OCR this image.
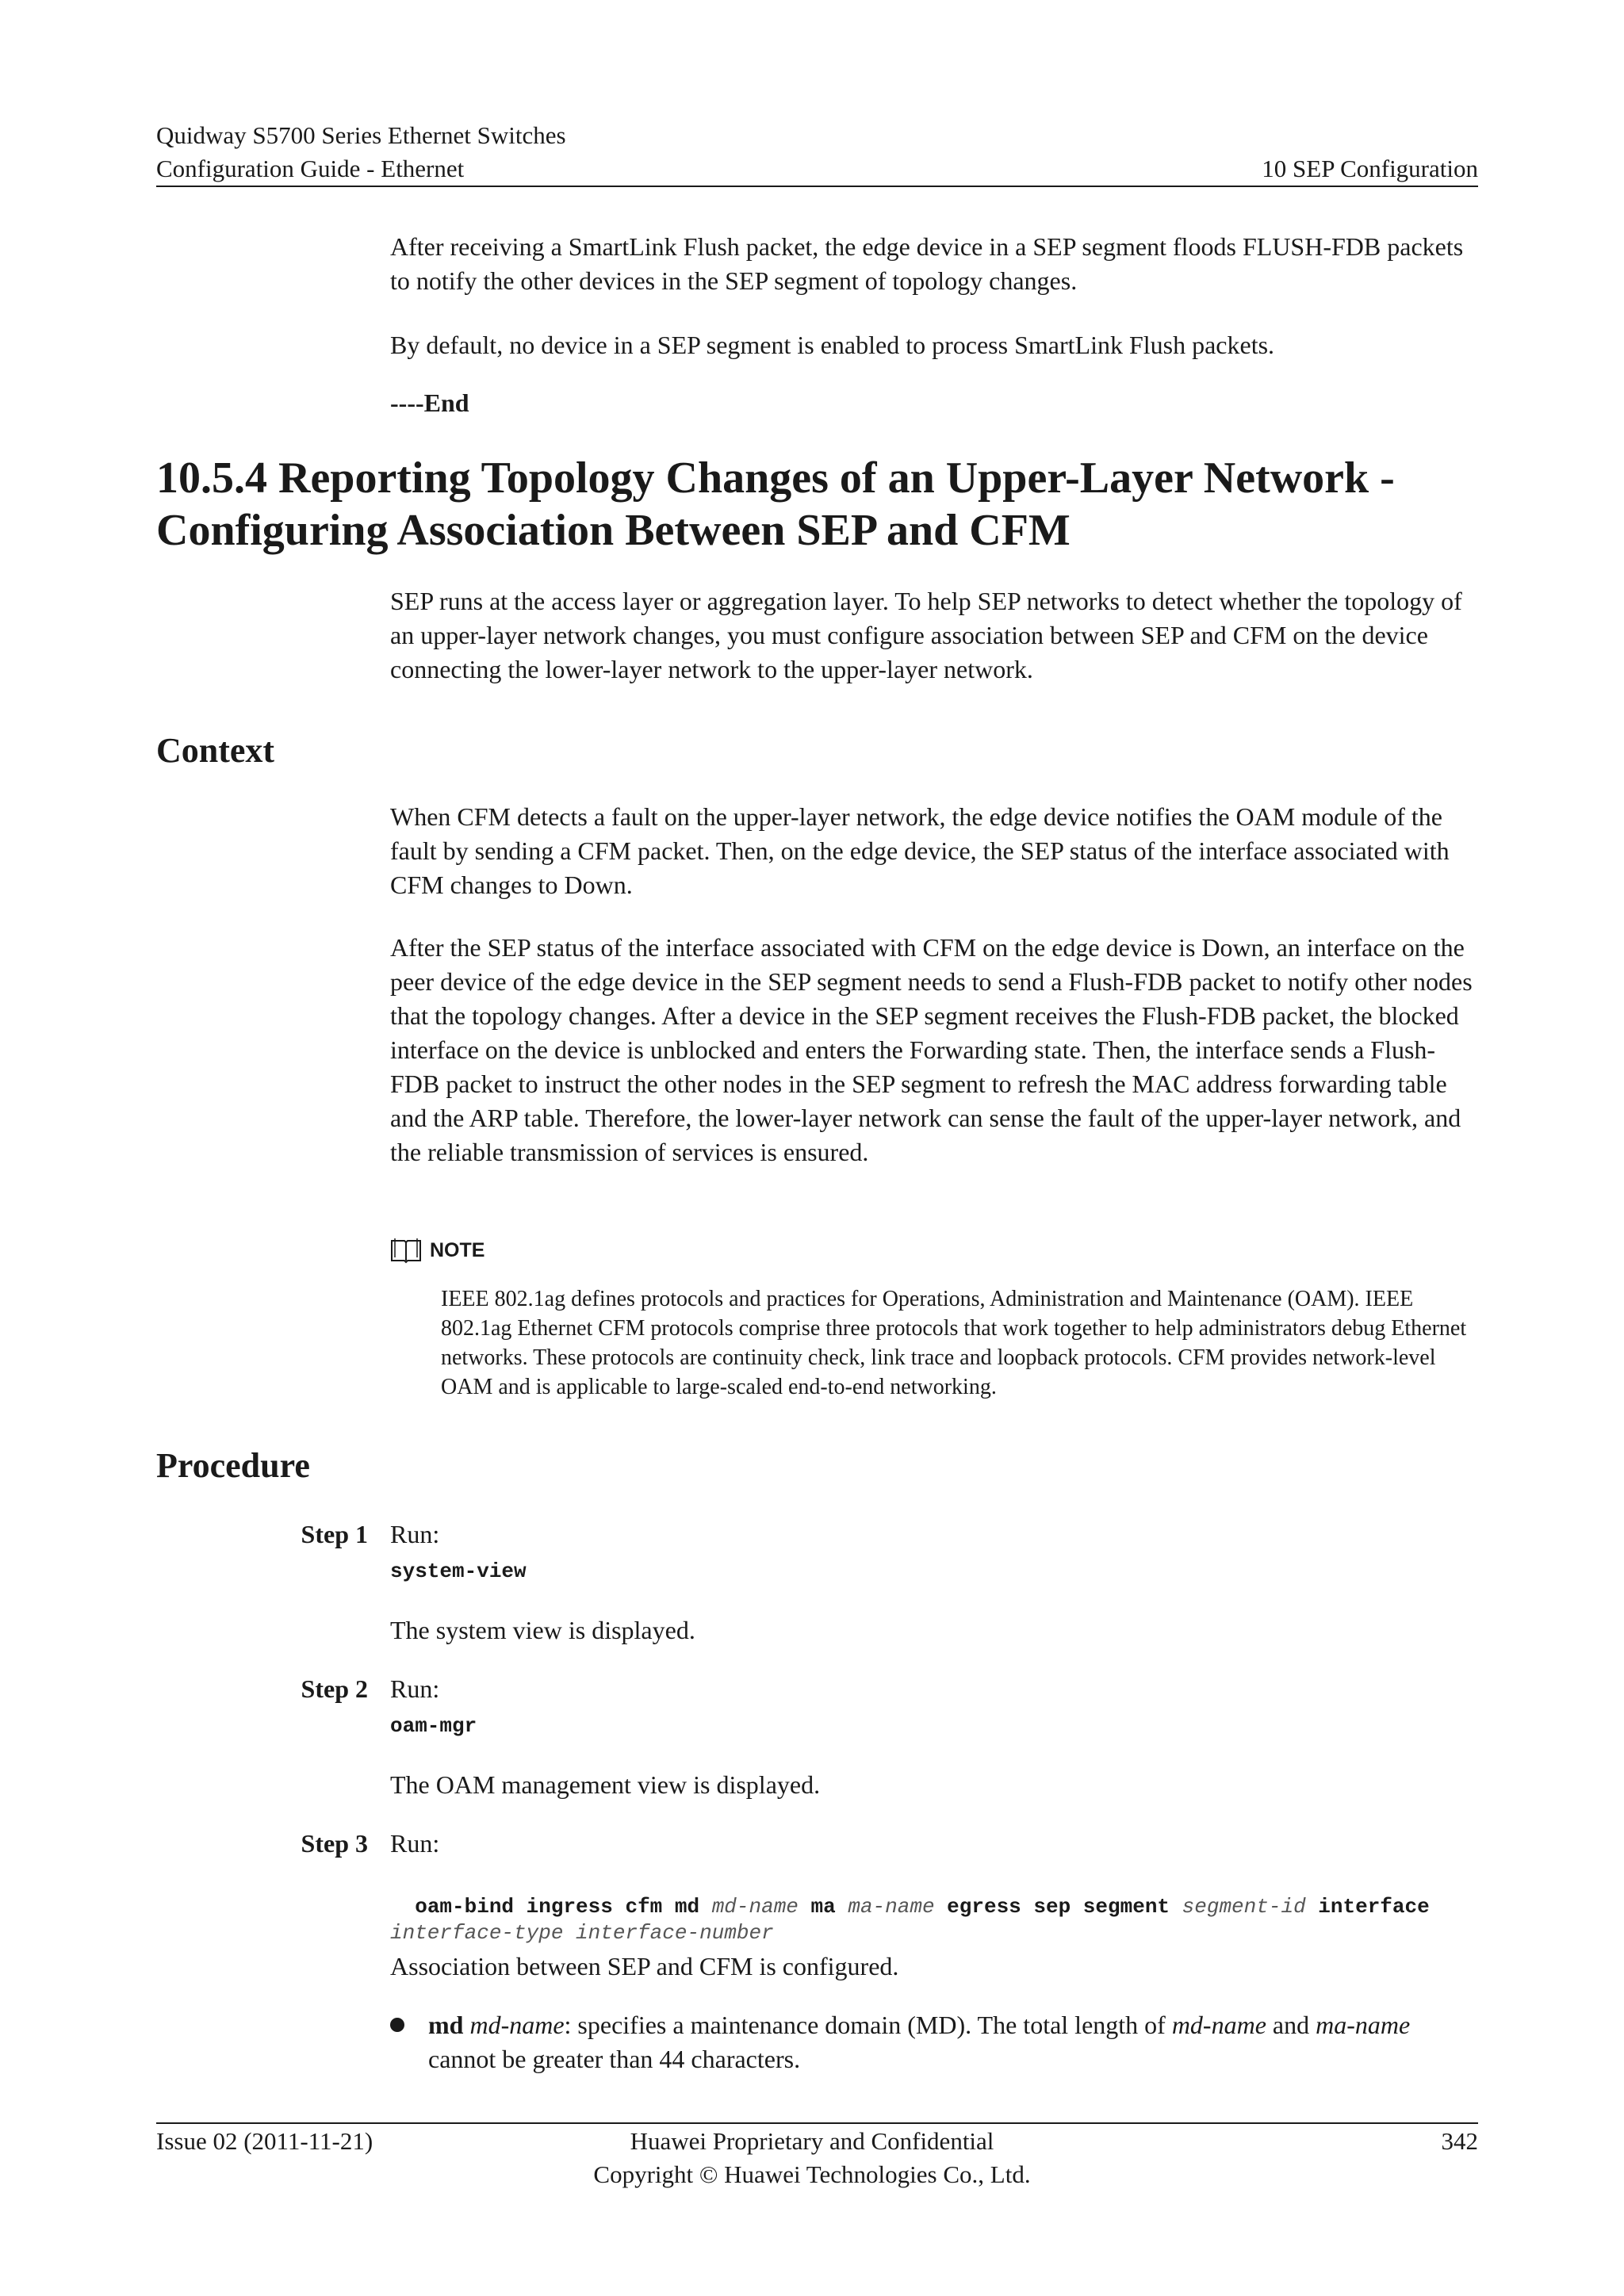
Quidway S5700 Series Ethernet Switches
Configuration Guide - Ethernet	10 SEP Configuration

After receiving a SmartLink Flush packet, the edge device in a SEP segment floods FLUSH-FDB packets to notify the other devices in the SEP segment of topology changes.

By default, no device in a SEP segment is enabled to process SmartLink Flush packets.

----End
10.5.4 Reporting Topology Changes of an Upper-Layer Network - Configuring Association Between SEP and CFM

SEP runs at the access layer or aggregation layer. To help SEP networks to detect whether the topology of an upper-layer network changes, you must configure association between SEP and CFM on the device connecting the lower-layer network to the upper-layer network.

Context

When CFM detects a fault on the upper-layer network, the edge device notifies the OAM module of the fault by sending a CFM packet. Then, on the edge device, the SEP status of the interface associated with CFM changes to Down.

After the SEP status of the interface associated with CFM on the edge device is Down, an interface on the peer device of the edge device in the SEP segment needs to send a Flush-FDB packet to notify other nodes that the topology changes. After a device in the SEP segment receives the Flush-FDB packet, the blocked interface on the device is unblocked and enters the Forwarding state. Then, the interface sends a Flush-FDB packet to instruct the other nodes in the SEP segment to refresh the MAC address forwarding table and the ARP table. Therefore, the lower-layer network can sense the fault of the upper-layer network, and the reliable transmission of services is ensured.

NOTE

IEEE 802.1ag defines protocols and practices for Operations, Administration and Maintenance (OAM). IEEE 802.1ag Ethernet CFM protocols comprise three protocols that work together to help administrators debug Ethernet networks. These protocols are continuity check, link trace and loopback protocols. CFM provides network-level OAM and is applicable to large-scaled end-to-end networking.

Procedure
Step 1 Run:
system-view

The system view is displayed.

Step 2 Run:
oam-mgr

The OAM management view is displayed.

Step 3 Run:

oam-bind ingress cfm md md-name ma ma-name egress sep segment segment-id interface interface-type interface-number

Association between SEP and CFM is configured.

md md-name: specifies a maintenance domain (MD). The total length of md-name and ma-name cannot be greater than 44 characters.

Issue 02 (2011-11-21)	Huawei Proprietary and Confidential
Copyright © Huawei Technologies Co., Ltd.
342
